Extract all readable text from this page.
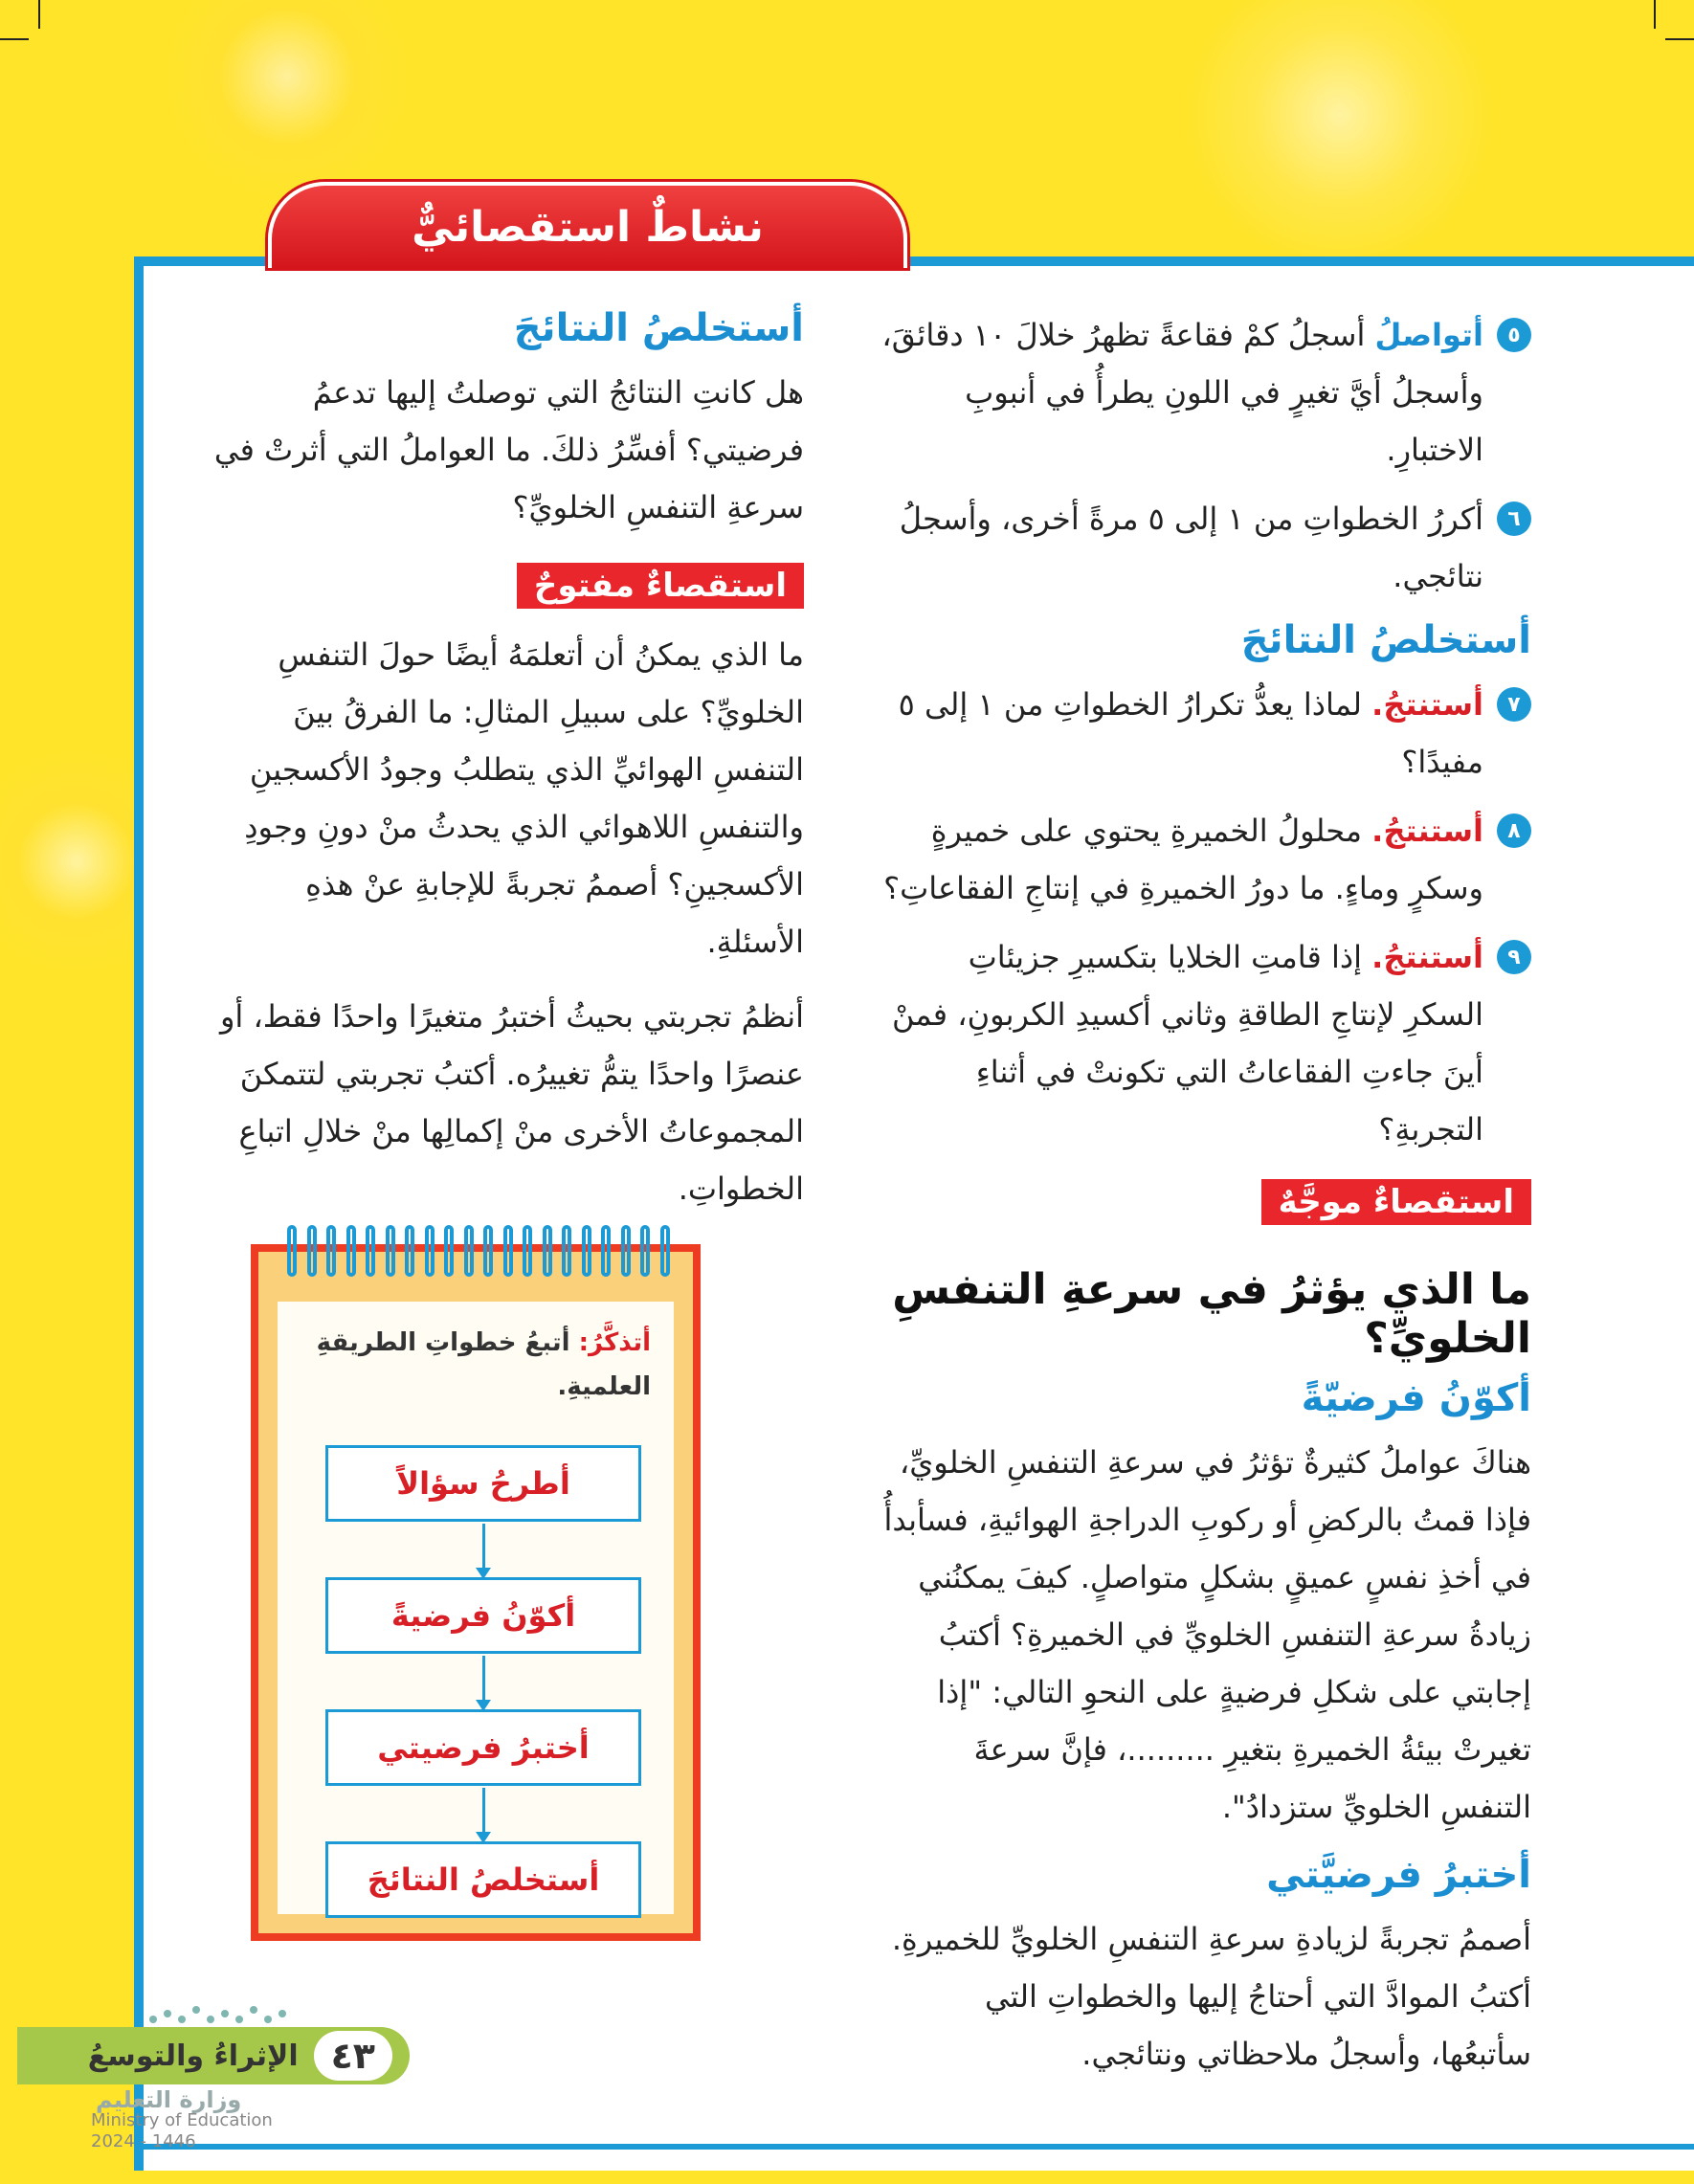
نشاطٌ استقصائيٌّ
٥

أتواصلُ أسجلُ كمْ فقاعةً تظهرُ خلالَ ١٠ دقائقَ، وأسجلُ أيَّ تغيرٍ في اللونِ يطرأُ في أنبوبِ الاختبارِ.

٦

أكررُ الخطواتِ من ١ إلى ٥ مرةً أخرى، وأسجلُ نتائجي.

أستخلصُ النتائجَ
٧

أستنتجُ. لماذا يعدُّ تكرارُ الخطواتِ من ١ إلى ٥ مفيدًا؟

٨

أستنتجُ. محلولُ الخميرةِ يحتوي على خميرةٍ وسكرٍ وماءٍ. ما دورُ الخميرةِ في إنتاجِ الفقاعاتِ؟

٩

أستنتجُ. إذا قامتِ الخلايا بتكسيرِ جزيئاتِ السكرِ لإنتاجِ الطاقةِ وثاني أكسيدِ الكربونِ، فمنْ أينَ جاءتِ الفقاعاتُ التي تكونتْ في أثناءِ التجربةِ؟

استقصاءٌ موجَّهٌ
ما الذي يؤثرُ في سرعةِ التنفسِ الخلويِّ؟
أكوّنُ فرضيّةً

هناكَ عواملُ كثيرةٌ تؤثرُ في سرعةِ التنفسِ الخلويِّ، فإذا قمتُ بالركضِ أو ركوبِ الدراجةِ الهوائيةِ، فسأبدأُ في أخذِ نفسٍ عميقٍ بشكلٍ متواصلٍ. كيفَ يمكنُني زيادةُ سرعةِ التنفسِ الخلويِّ في الخميرةِ؟ أكتبُ إجابتي على شكلِ فرضيةٍ على النحوِ التالي: "إذا تغيرتْ بيئةُ الخميرةِ بتغيرِ .........، فإنَّ سرعةَ التنفسِ الخلويِّ ستزدادُ".

أختبرُ فرضيَّتي

أصممُ تجربةً لزيادةِ سرعةِ التنفسِ الخلويِّ للخميرةِ. أكتبُ الموادَّ التي أحتاجُ إليها والخطواتِ التي سأتبعُها، وأسجلُ ملاحظاتي ونتائجي.

أستخلصُ النتائجَ

هل كانتِ النتائجُ التي توصلتُ إليها تدعمُ فرضيتي؟ أفسِّرُ ذلكَ. ما العواملُ التي أثرتْ في سرعةِ التنفسِ الخلويِّ؟

استقصاءٌ مفتوحٌ

ما الذي يمكنُ أن أتعلمَهُ أيضًا حولَ التنفسِ الخلويِّ؟ على سبيلِ المثالِ: ما الفرقُ بينَ التنفسِ الهوائيِّ الذي يتطلبُ وجودُ الأكسجينِ والتنفسِ اللاهوائي الذي يحدثُ منْ دونِ وجودِ الأكسجينِ؟ أصممُ تجربةً للإجابةِ عنْ هذهِ الأسئلةِ.

أنظمُ تجربتي بحيثُ أختبرُ متغيرًا واحدًا فقط، أو عنصرًا واحدًا يتمُّ تغييرُه. أكتبُ تجربتي لتتمكنَ المجموعاتُ الأخرى منْ إكمالِها منْ خلالِ اتباعِ الخطواتِ.

أتذكَّرُ: أتبعُ خطواتِ الطريقةِ العلميةِ.
أطرحُ سؤالاً
أكوّنُ فرضيةً
أختبرُ فرضيتي
أستخلصُ النتائجَ
٤٣
الإثراءُ والتوسعُ
وزارة التعليم
Ministry of Education
2024 - 1446
